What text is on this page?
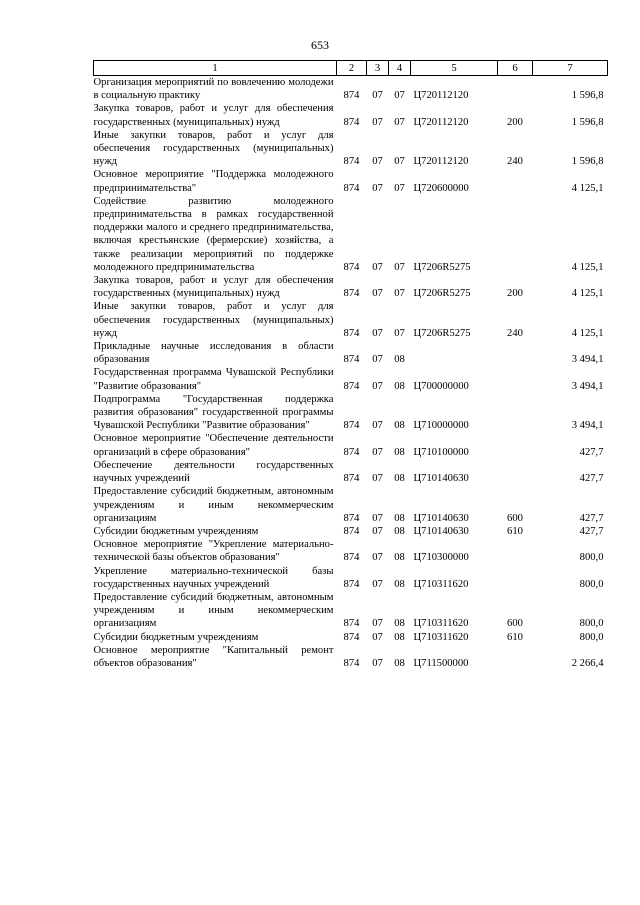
653
1	2	3	4	5	6	7
Организация мероприятий по вовлечению молодежи в социальную практику	874	07	07	Ц720112120		1 596,8
Закупка товаров, работ и услуг для обеспечения государственных (муниципальных) нужд	874	07	07	Ц720112120	200	1 596,8
Иные закупки товаров, работ и услуг для обеспечения государственных (муниципальных) нужд	874	07	07	Ц720112120	240	1 596,8
Основное мероприятие "Поддержка молодежного предпринимательства"	874	07	07	Ц720600000		4 125,1
Содействие развитию молодежного предпринимательства в рамках государственной поддержки малого и среднего предпринимательства, включая крестьянские (фермерские) хозяйства, а также реализации мероприятий по поддержке молодежного предпринимательства	874	07	07	Ц7206R5275		4 125,1
Закупка товаров, работ и услуг для обеспечения государственных (муниципальных) нужд	874	07	07	Ц7206R5275	200	4 125,1
Иные закупки товаров, работ и услуг для обеспечения государственных (муниципальных) нужд	874	07	07	Ц7206R5275	240	4 125,1
Прикладные научные исследования в области образования	874	07	08			3 494,1
Государственная программа Чувашской Республики "Развитие образования"	874	07	08	Ц700000000		3 494,1
Подпрограмма "Государственная поддержка развития образования" государственной программы Чувашской Республики "Развитие образования"	874	07	08	Ц710000000		3 494,1
Основное мероприятие "Обеспечение деятельности организаций в сфере образования"	874	07	08	Ц710100000		427,7
Обеспечение деятельности государственных научных учреждений	874	07	08	Ц710140630		427,7
Предоставление субсидий бюджетным, автономным учреждениям и иным некоммерческим организациям	874	07	08	Ц710140630	600	427,7
Субсидии бюджетным учреждениям	874	07	08	Ц710140630	610	427,7
Основное мероприятие "Укрепление материально-технической базы объектов образования"	874	07	08	Ц710300000		800,0
Укрепление материально-технической базы государственных научных учреждений	874	07	08	Ц710311620		800,0
Предоставление субсидий бюджетным, автономным учреждениям и иным некоммерческим организациям	874	07	08	Ц710311620	600	800,0
Субсидии бюджетным учреждениям	874	07	08	Ц710311620	610	800,0
Основное мероприятие "Капитальный ремонт объектов образования"	874	07	08	Ц711500000		2 266,4
